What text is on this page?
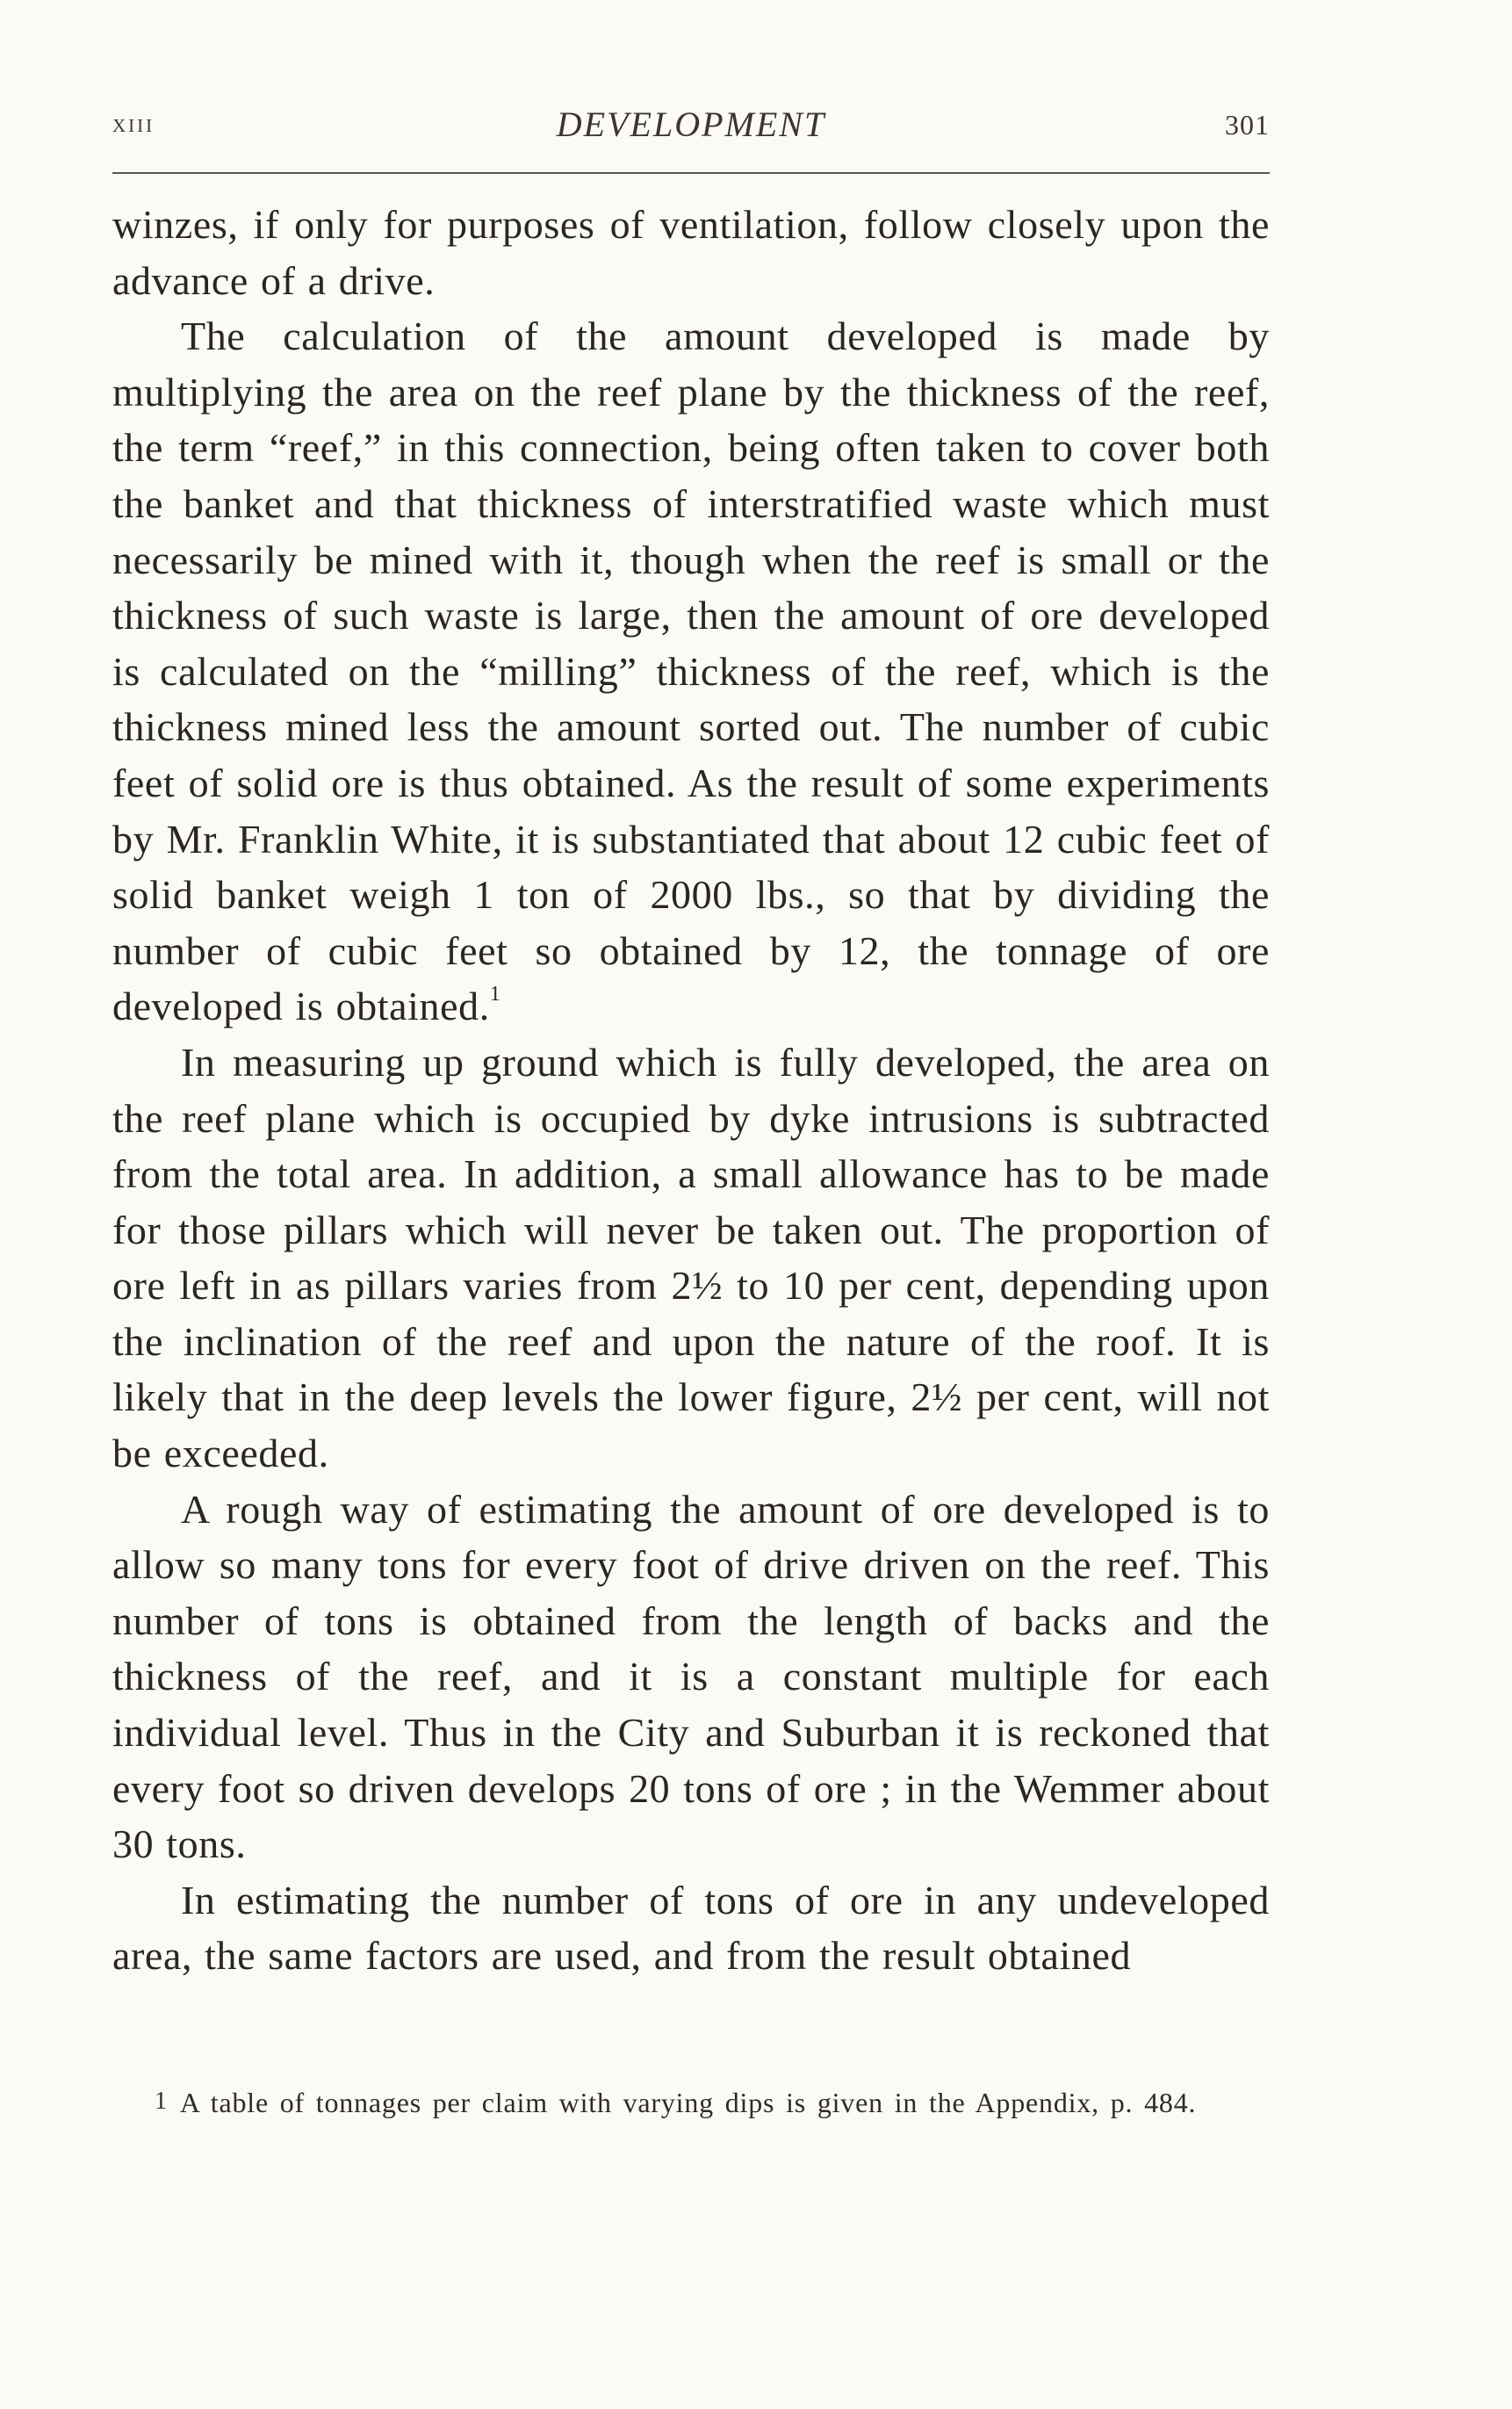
xiii	DEVELOPMENT	301

winzes, if only for purposes of ventilation, follow closely upon the advance of a drive.

The calculation of the amount developed is made by multiplying the area on the reef plane by the thickness of the reef, the term “reef,” in this connection, being often taken to cover both the banket and that thickness of interstratified waste which must necessarily be mined with it, though when the reef is small or the thickness of such waste is large, then the amount of ore developed is calculated on the “milling” thickness of the reef, which is the thickness mined less the amount sorted out. The number of cubic feet of solid ore is thus obtained. As the result of some experiments by Mr. Franklin White, it is substantiated that about 12 cubic feet of solid banket weigh 1 ton of 2000 lbs., so that by dividing the number of cubic feet so obtained by 12, the tonnage of ore developed is obtained.$^1$

In measuring up ground which is fully developed, the area on the reef plane which is occupied by dyke intrusions is subtracted from the total area. In addition, a small allowance has to be made for those pillars which will never be taken out. The proportion of ore left in as pillars varies from 2½ to 10 per cent, depending upon the inclination of the reef and upon the nature of the roof. It is likely that in the deep levels the lower figure, 2½ per cent, will not be exceeded.

A rough way of estimating the amount of ore developed is to allow so many tons for every foot of drive driven on the reef. This number of tons is obtained from the length of backs and the thickness of the reef, and it is a constant multiple for each individual level. Thus in the City and Suburban it is reckoned that every foot so driven develops 20 tons of ore ; in the Wemmer about 30 tons.

In estimating the number of tons of ore in any undeveloped area, the same factors are used, and from the result obtained

1 A table of tonnages per claim with varying dips is given in the Appendix, p. 484.
